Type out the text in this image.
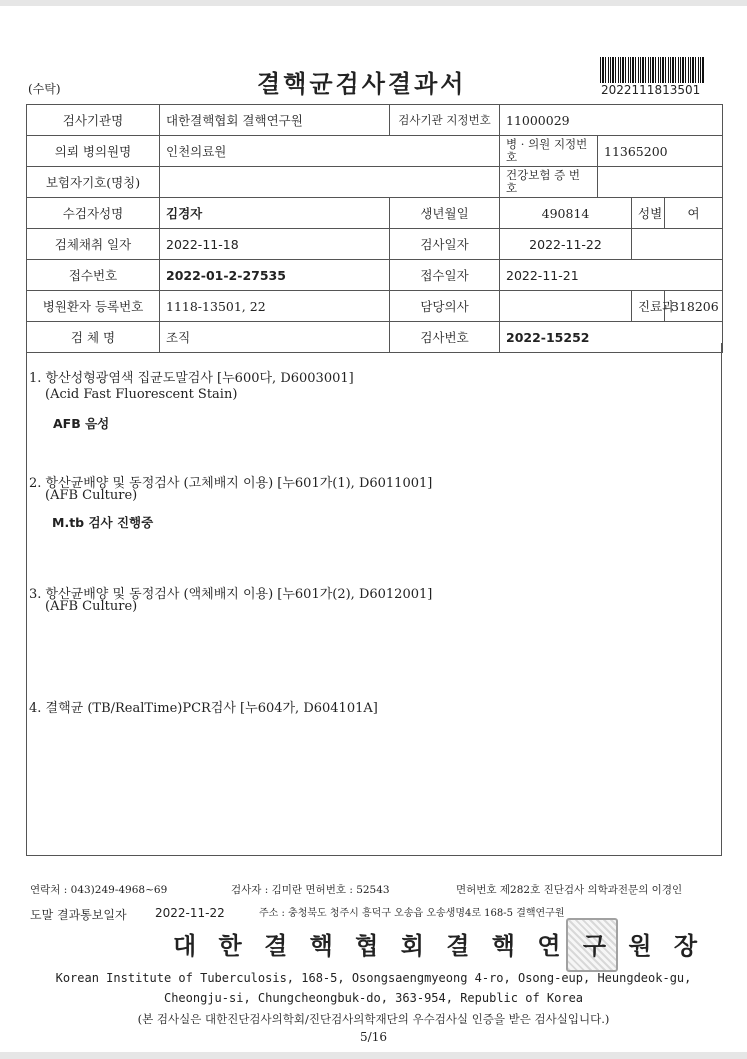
(수탁)	결핵균검사결과서	2022111813501
검사기관명	대한결핵협회 결핵연구원	검사기관 지정번호	11000029			
의뢰 병의원명	인천의료원		병 · 의원 지정번호	11365200		
보험자기호(명칭)			건강보험 증 번 호			
수검자성명	김경자	생년월일	490814		성별	여
검체채취 일자	2022-11-18	검사일자	2022-11-22			
접수번호	2022-01-2-27535	접수일자	2022-11-21			
병원환자 등록번호	1118-13501, 22	담당의사			진료과	318206
검 체 명	조직	검사번호	2022-15252			
1. 항산성형광염색 집균도말검사 [누600다, D6003001]
(Acid Fast Fluorescent Stain)
AFB 음성
2. 항산균배양 및 동정검사 (고체배지 이용) [누601가(1), D6011001]
(AFB Culture)
M.tb 검사 진행중
3. 항산균배양 및 동정검사 (액체배지 이용) [누601가(2), D6012001]
(AFB Culture)
4. 결핵균 (TB/RealTime)PCR검사 [누604가, D604101A]
연락처 : 043)249-4968~69	검사자 : 김미란 면허번호 : 52543	면허번호 제282호 진단검사 의학과전문의 이경인
도말 결과통보일자 2022-11-22	주소 : 충청북도 청주시 흥덕구 오송읍 오송생명4로 168-5 결핵연구원
대 한 결 핵 협 회 결 핵 연 구 원 장
Korean Institute of Tuberculosis, 168-5, Osongsaengmyeong 4-ro, Osong-eup, Heungdeok-gu,
Cheongju-si, Chungcheongbuk-do, 363-954, Republic of Korea
(본 검사실은 대한진단검사의학회/진단검사의학재단의 우수검사실 인증을 받은 검사실입니다.)
5/16
